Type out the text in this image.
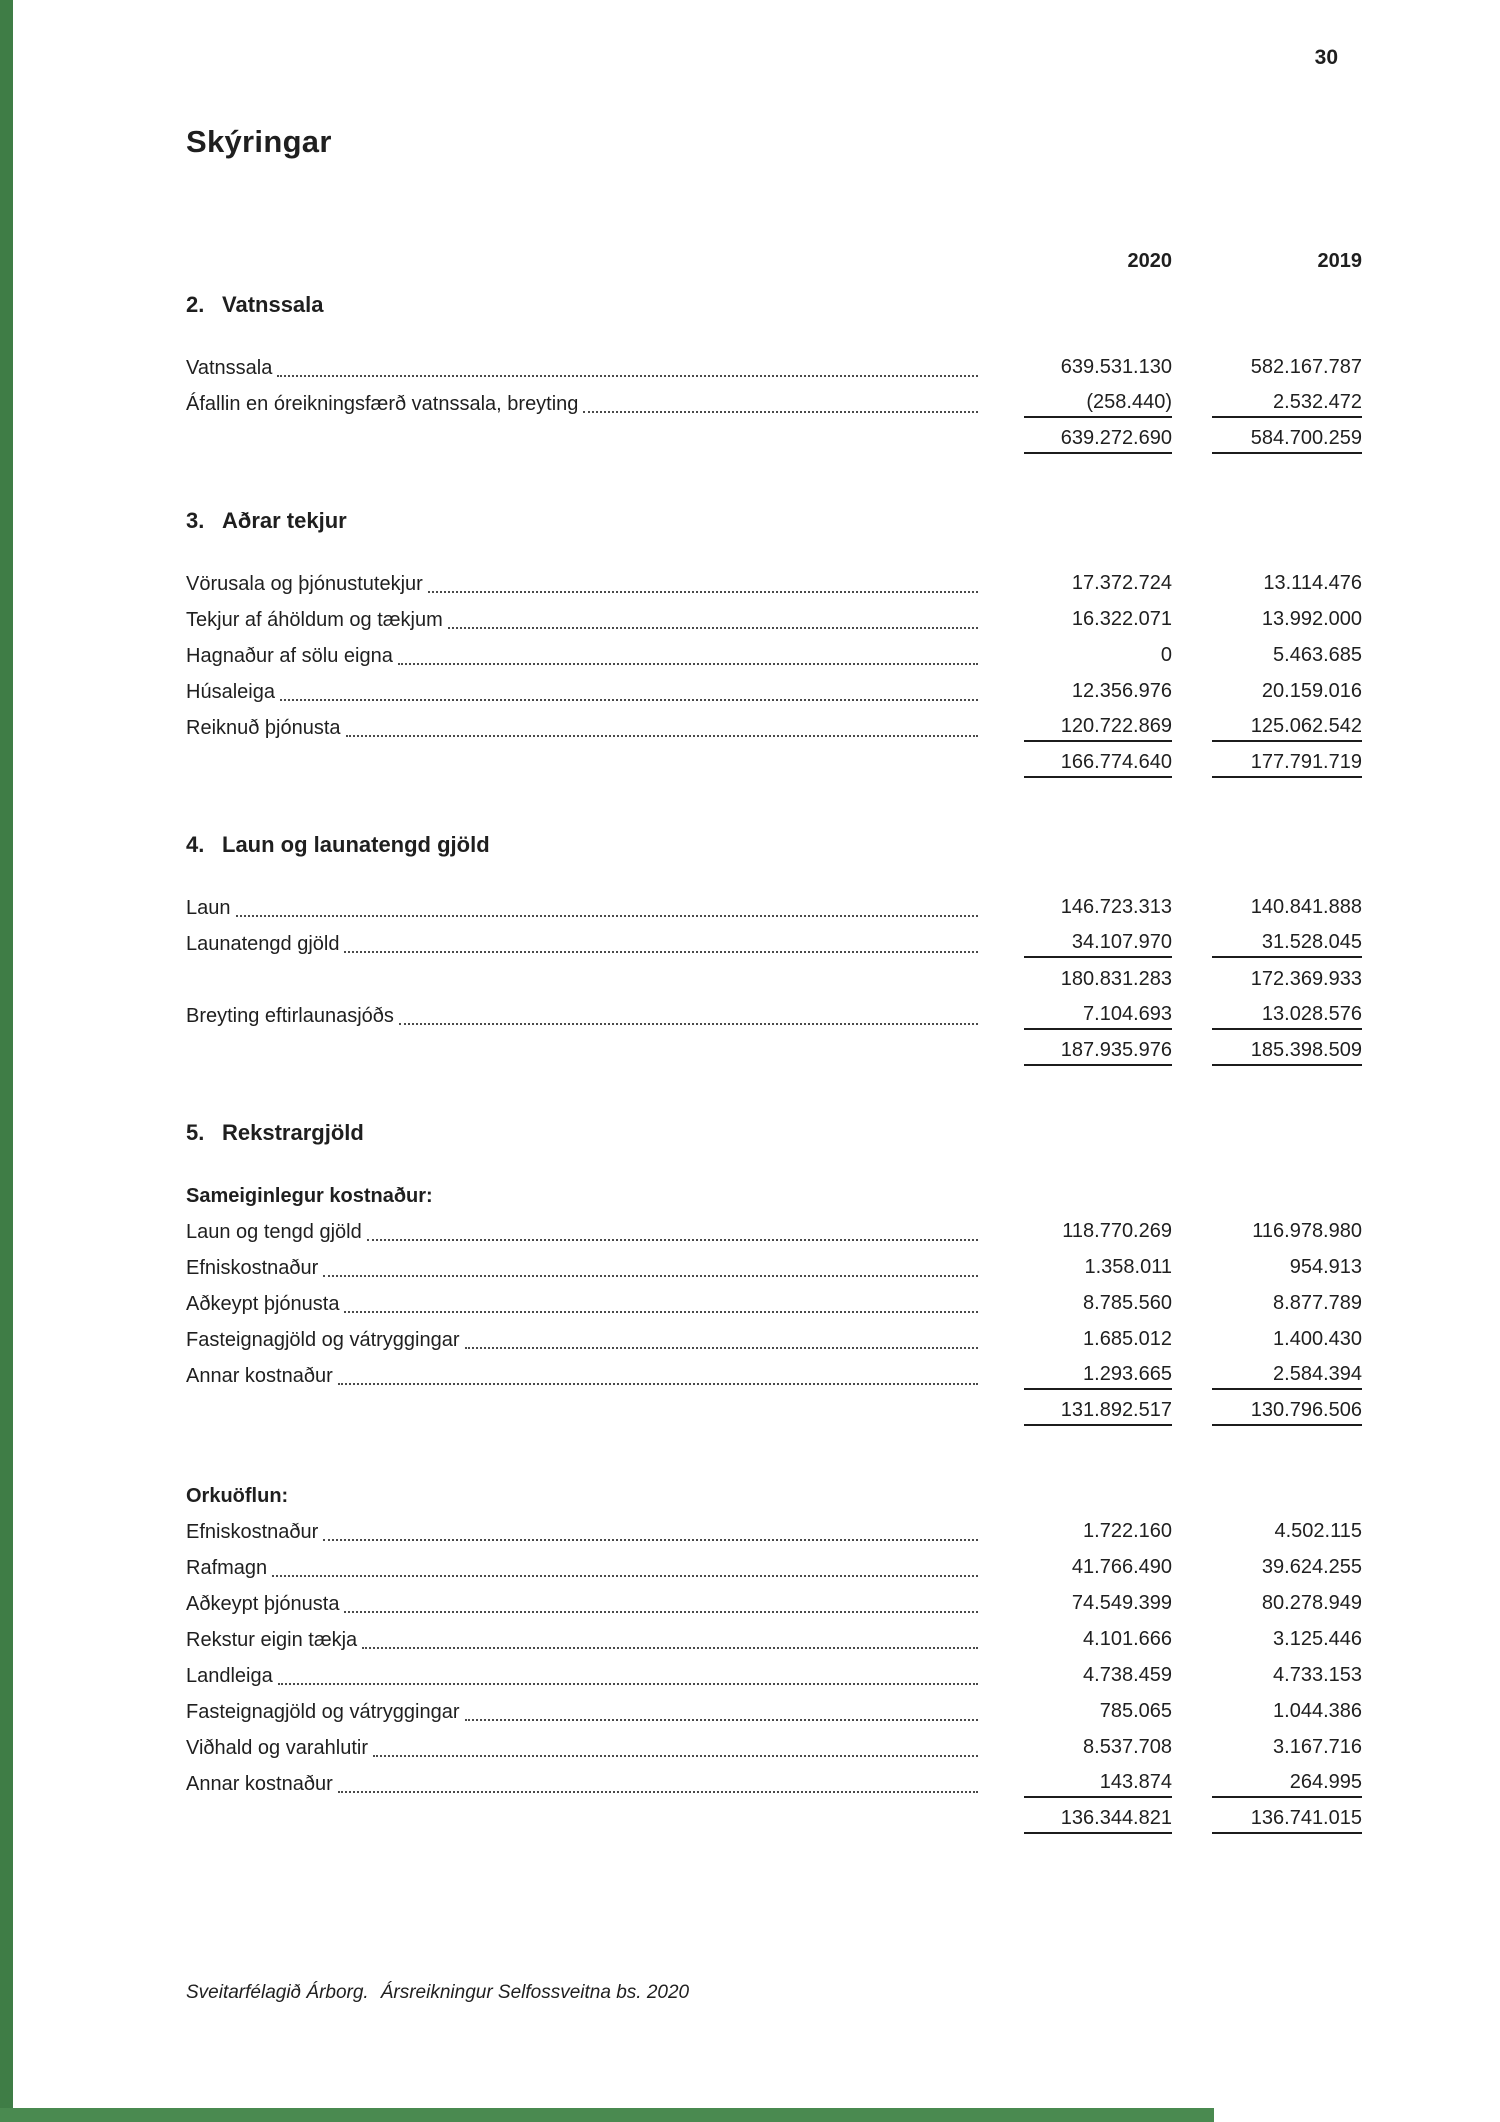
30
Skýringar
2020	2019
2. Vatnssala
Vatnssala	639.531.130	582.167.787
Áfallin en óreikningsfærð vatnssala, breyting	(258.440)	2.532.472
639.272.690	584.700.259
3. Aðrar tekjur
Vörusala og þjónustutekjur	17.372.724	13.114.476
Tekjur af áhöldum og tækjum	16.322.071	13.992.000
Hagnaður af sölu eigna	0	5.463.685
Húsaleiga	12.356.976	20.159.016
Reiknuð þjónusta	120.722.869	125.062.542
166.774.640	177.791.719
4. Laun og launatengd gjöld
Laun	146.723.313	140.841.888
Launatengd gjöld	34.107.970	31.528.045
180.831.283	172.369.933
Breyting eftirlaunasjóðs	7.104.693	13.028.576
187.935.976	185.398.509
5. Rekstrargjöld
Sameiginlegur kostnaður:
Laun og tengd gjöld	118.770.269	116.978.980
Efniskostnaður	1.358.011	954.913
Aðkeypt þjónusta	8.785.560	8.877.789
Fasteignagjöld og vátryggingar	1.685.012	1.400.430
Annar kostnaður	1.293.665	2.584.394
131.892.517	130.796.506
Orkuöflun:
Efniskostnaður	1.722.160	4.502.115
Rafmagn	41.766.490	39.624.255
Aðkeypt þjónusta	74.549.399	80.278.949
Rekstur eigin tækja	4.101.666	3.125.446
Landleiga	4.738.459	4.733.153
Fasteignagjöld og vátryggingar	785.065	1.044.386
Viðhald og varahlutir	8.537.708	3.167.716
Annar kostnaður	143.874	264.995
136.344.821	136.741.015
Sveitarfélagið Árborg. Ársreikningur Selfossveitna bs. 2020
